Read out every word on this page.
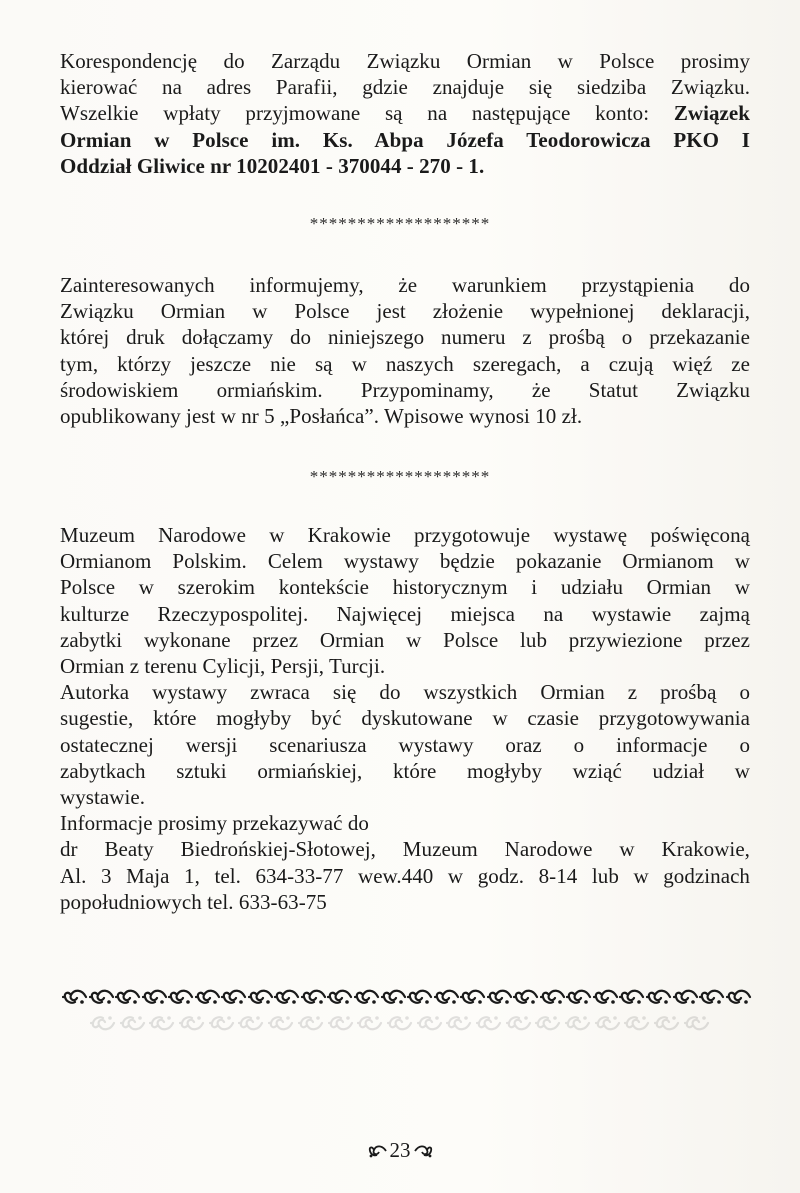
Korespondencję do Zarządu Związku Ormian w Polsce prosimy
kierować na adres Parafii, gdzie znajduje się siedziba Związku.
Wszelkie wpłaty przyjmowane są na następujące konto: Związek
Ormian w Polsce im. Ks. Abpa Józefa Teodorowicza PKO I
Oddział Gliwice nr 10202401 - 370044 - 270 - 1.
*******************
Zainteresowanych informujemy, że warunkiem przystąpienia do
Związku Ormian w Polsce jest złożenie wypełnionej deklaracji,
której druk dołączamy do niniejszego numeru z prośbą o przekazanie
tym, którzy jeszcze nie są w naszych szeregach, a czują więź ze
środowiskiem ormiańskim. Przypominamy, że Statut Związku
opublikowany jest w nr 5 „Posłańca”. Wpisowe wynosi 10 zł.
*******************
Muzeum Narodowe w Krakowie przygotowuje wystawę poświęconą
Ormianom Polskim. Celem wystawy będzie pokazanie Ormianom w
Polsce w szerokim kontekście historycznym i udziału Ormian w
kulturze Rzeczypospolitej. Najwięcej miejsca na wystawie zajmą
zabytki wykonane przez Ormian w Polsce lub przywiezione przez
Ormian z terenu Cylicji, Persji, Turcji.
Autorka wystawy zwraca się do wszystkich Ormian z prośbą o
sugestie, które mogłyby być dyskutowane w czasie przygotowywania
ostatecznej wersji scenariusza wystawy oraz o informacje o
zabytkach sztuki ormiańskiej, które mogłyby wziąć udział w
wystawie.
Informacje prosimy przekazywać do
dr Beaty Biedrońskiej-Słotowej, Muzeum Narodowe w Krakowie,
Al. 3 Maja 1, tel. 634-33-77 wew.440 w godz. 8-14 lub w godzinach
popołudniowych tel. 633-63-75
23
